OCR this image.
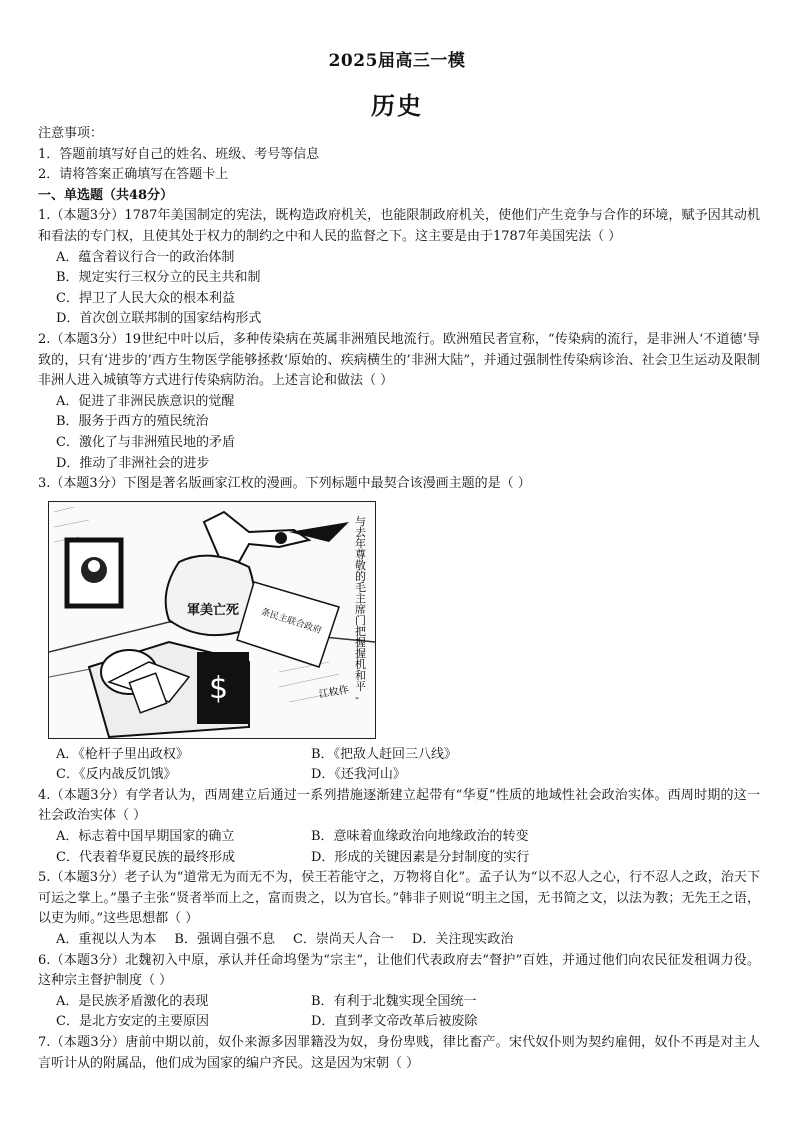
2025届高三一模
历史
注意事项：
1．答题前填写好自己的姓名、班级、考号等信息
2．请将答案正确填写在答题卡上
一、单选题（共48分）
1.（本题3分）1787年美国制定的宪法，既构造政府机关，也能限制政府机关，使他们产生竞争与合作的环境，赋予因其动机和看法的专门权，且使其处于权力的制约之中和人民的监督之下。这主要是由于1787年美国宪法（ ）
A．蕴含着议行合一的政治体制
B．规定实行三权分立的民主共和制
C．捍卫了人民大众的根本利益
D．首次创立联邦制的国家结构形式
2.（本题3分）19世纪中叶以后，多种传染病在英属非洲殖民地流行。欧洲殖民者宣称，“传染病的流行，是非洲人‘不道德’导致的，只有‘进步的’西方生物医学能够拯救‘原始的、疾病横生的’非洲大陆”，并通过强制性传染病诊治、社会卫生运动及限制非洲人进入城镇等方式进行传染病防治。上述言论和做法（ ）
A．促进了非洲民族意识的觉醒
B．服务于西方的殖民统治
C．激化了与非洲殖民地的矛盾
D．推动了非洲社会的进步
3.（本题3分）下图是著名版画家江枚的漫画。下列标题中最契合该漫画主题的是（ ）
$
軍美亡死 条民主联合政府
与去年尊敬的毛主席门把握握机和平-
江枚作
A．《枪杆子里出政权》	B．《把敌人赶回三八线》
C．《反内战反饥饿》	D．《还我河山》
4.（本题3分）有学者认为，西周建立后通过一系列措施逐渐建立起带有“华夏”性质的地域性社会政治实体。西周时期的这一社会政治实体（ ）
A．标志着中国早期国家的确立	B．意味着血缘政治向地缘政治的转变
C．代表着华夏民族的最终形成	D．形成的关键因素是分封制度的实行
5.（本题3分）老子认为“道常无为而无不为，侯王若能守之，万物将自化”。孟子认为“以不忍人之心，行不忍人之政，治天下可运之掌上。”墨子主张“贤者举而上之，富而贵之，以为官长。”韩非子则说“明主之国，无书简之文，以法为教；无先王之语，以吏为师。”这些思想都（ ）
A．重视以人为本 B．强调自强不息 C．崇尚天人合一 D．关注现实政治
6.（本题3分）北魏初入中原，承认并任命坞堡为“宗主”，让他们代表政府去“督护”百姓，并通过他们向农民征发租调力役。这种宗主督护制度（ ）
A．是民族矛盾激化的表现	B．有利于北魏实现全国统一
C．是北方安定的主要原因	D．直到孝文帝改革后被废除
7.（本题3分）唐前中期以前，奴仆来源多因罪籍没为奴，身份卑贱，律比畜产。宋代奴仆则为契约雇佣，奴仆不再是对主人言听计从的附属品，他们成为国家的编户齐民。这是因为宋朝（ ）
